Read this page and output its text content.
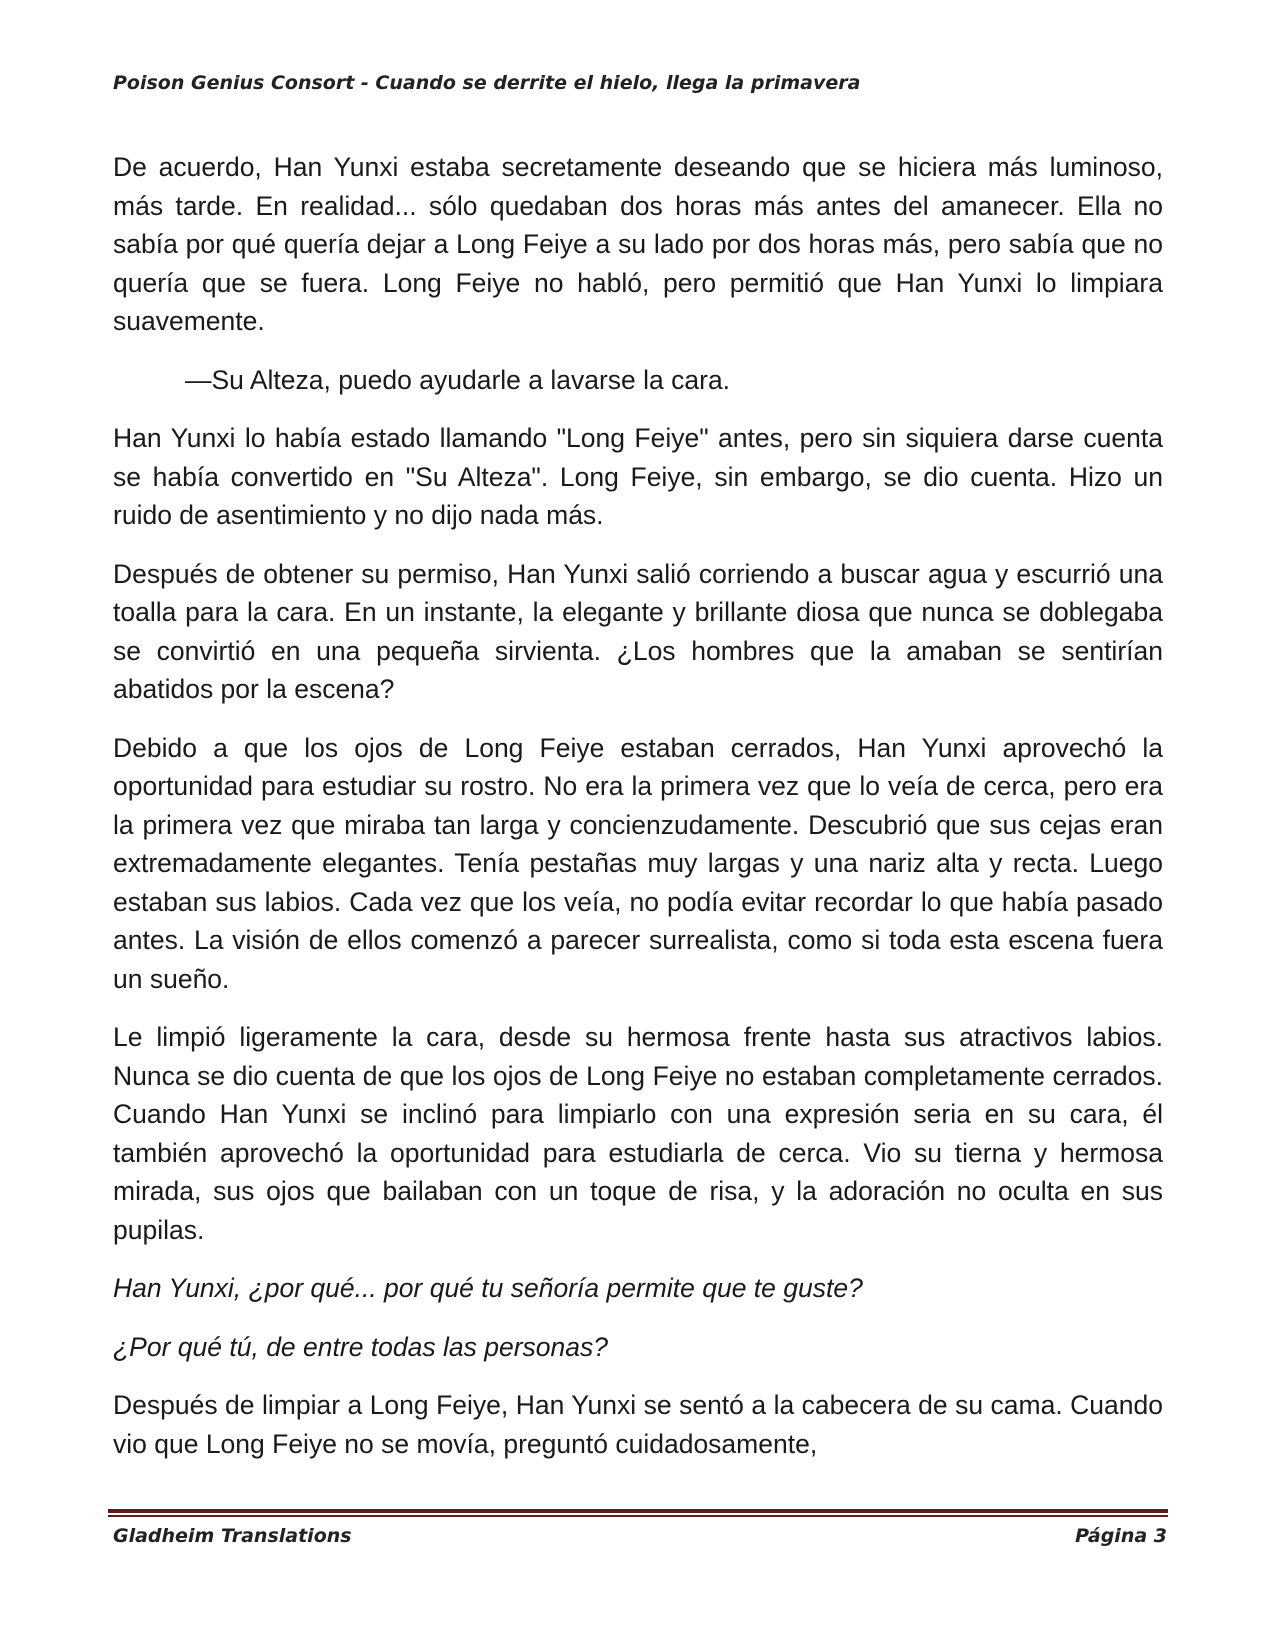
Poison Genius Consort - Cuando se derrite el hielo, llega la primavera

De acuerdo, Han Yunxi estaba secretamente deseando que se hiciera más luminoso, más tarde. En realidad... sólo quedaban dos horas más antes del amanecer. Ella no sabía por qué quería dejar a Long Feiye a su lado por dos horas más, pero sabía que no quería que se fuera. Long Feiye no habló, pero permitió que Han Yunxi lo limpiara suavemente.

—Su Alteza, puedo ayudarle a lavarse la cara.

Han Yunxi lo había estado llamando "Long Feiye" antes, pero sin siquiera darse cuenta se había convertido en "Su Alteza". Long Feiye, sin embargo, se dio cuenta. Hizo un ruido de asentimiento y no dijo nada más.

Después de obtener su permiso, Han Yunxi salió corriendo a buscar agua y escurrió una toalla para la cara. En un instante, la elegante y brillante diosa que nunca se doblegaba se convirtió en una pequeña sirvienta. ¿Los hombres que la amaban se sentirían abatidos por la escena?

Debido a que los ojos de Long Feiye estaban cerrados, Han Yunxi aprovechó la oportunidad para estudiar su rostro. No era la primera vez que lo veía de cerca, pero era la primera vez que miraba tan larga y concienzudamente. Descubrió que sus cejas eran extremadamente elegantes. Tenía pestañas muy largas y una nariz alta y recta. Luego estaban sus labios. Cada vez que los veía, no podía evitar recordar lo que había pasado antes. La visión de ellos comenzó a parecer surrealista, como si toda esta escena fuera un sueño.

Le limpió ligeramente la cara, desde su hermosa frente hasta sus atractivos labios. Nunca se dio cuenta de que los ojos de Long Feiye no estaban completamente cerrados. Cuando Han Yunxi se inclinó para limpiarlo con una expresión seria en su cara, él también aprovechó la oportunidad para estudiarla de cerca. Vio su tierna y hermosa mirada, sus ojos que bailaban con un toque de risa, y la adoración no oculta en sus pupilas.

Han Yunxi, ¿por qué... por qué tu señoría permite que te guste?

¿Por qué tú, de entre todas las personas?

Después de limpiar a Long Feiye, Han Yunxi se sentó a la cabecera de su cama. Cuando vio que Long Feiye no se movía, preguntó cuidadosamente,

Gladheim Translations	Página 3
